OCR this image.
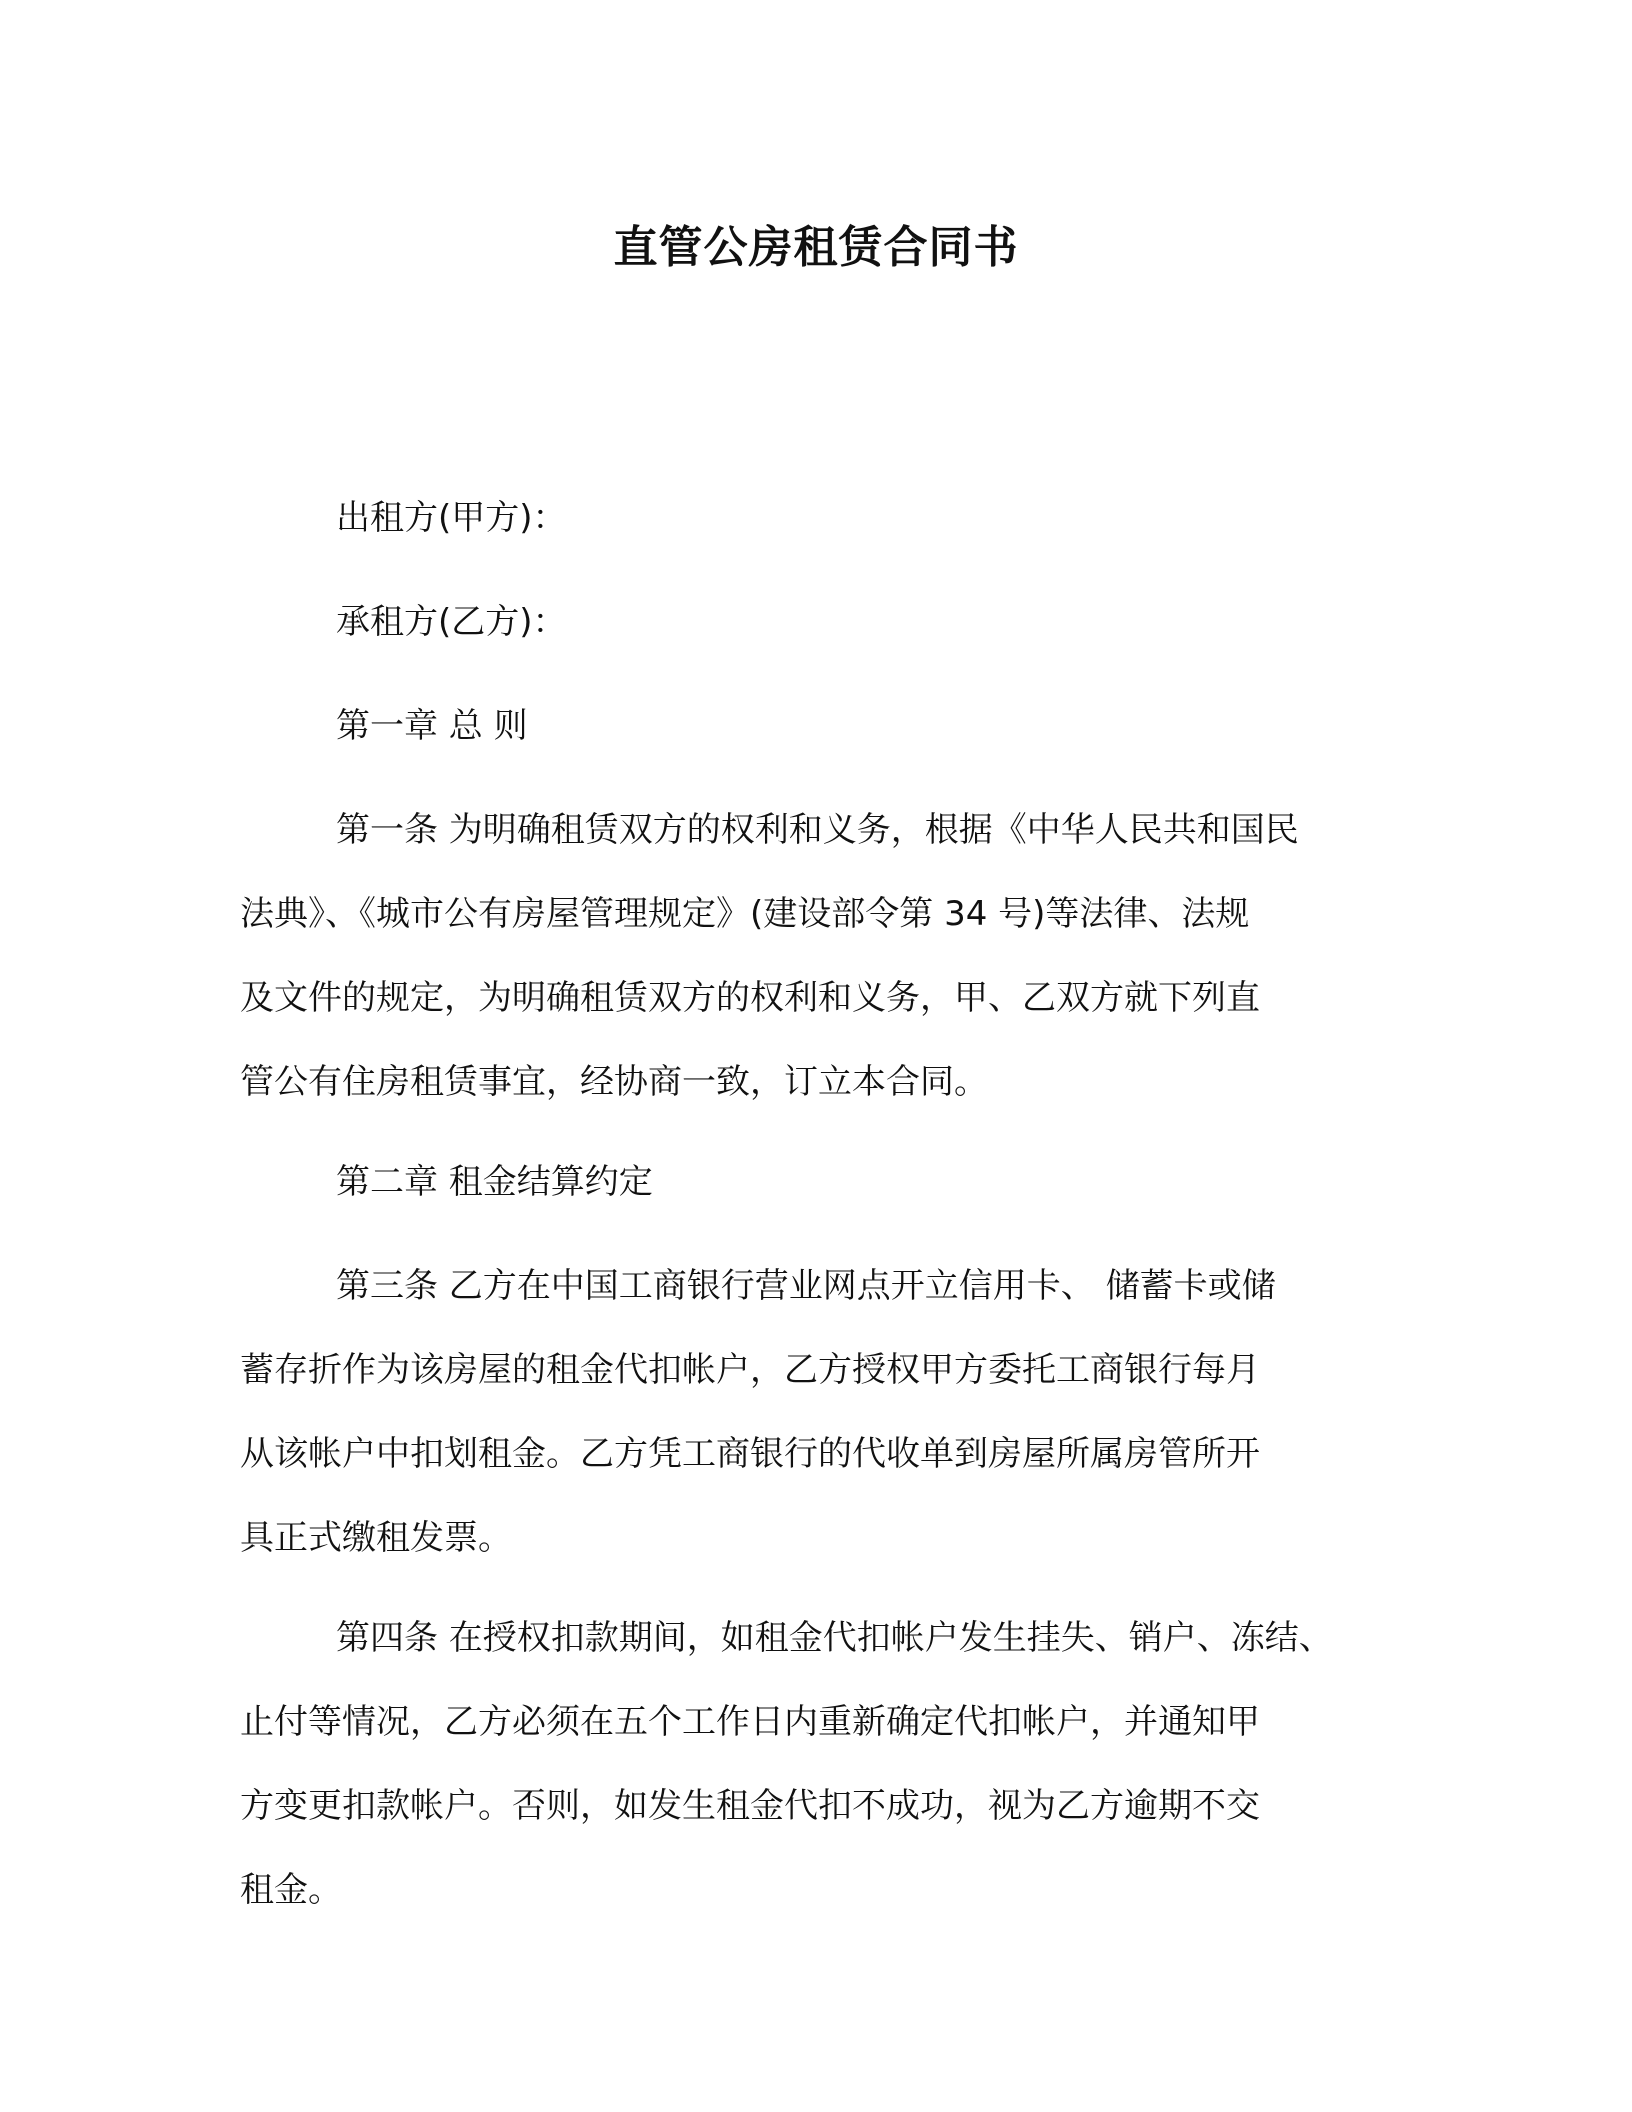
直管公房租赁合同书
出租方(甲方)：
承租方(乙方)：
第一章 总 则
第一条 为明确租赁双方的权利和义务，根据《中华人民共和国民
法典》、《城市公有房屋管理规定》(建设部令第 34 号)等法律、法规
及文件的规定，为明确租赁双方的权利和义务，甲、乙双方就下列直
管公有住房租赁事宜，经协商一致，订立本合同。
第二章 租金结算约定
第三条 乙方在中国工商银行营业网点开立信用卡、 储蓄卡或储
蓄存折作为该房屋的租金代扣帐户，乙方授权甲方委托工商银行每月
从该帐户中扣划租金。乙方凭工商银行的代收单到房屋所属房管所开
具正式缴租发票。
第四条 在授权扣款期间，如租金代扣帐户发生挂失、销户、冻结、
止付等情况，乙方必须在五个工作日内重新确定代扣帐户，并通知甲
方变更扣款帐户。否则，如发生租金代扣不成功，视为乙方逾期不交
租金。
